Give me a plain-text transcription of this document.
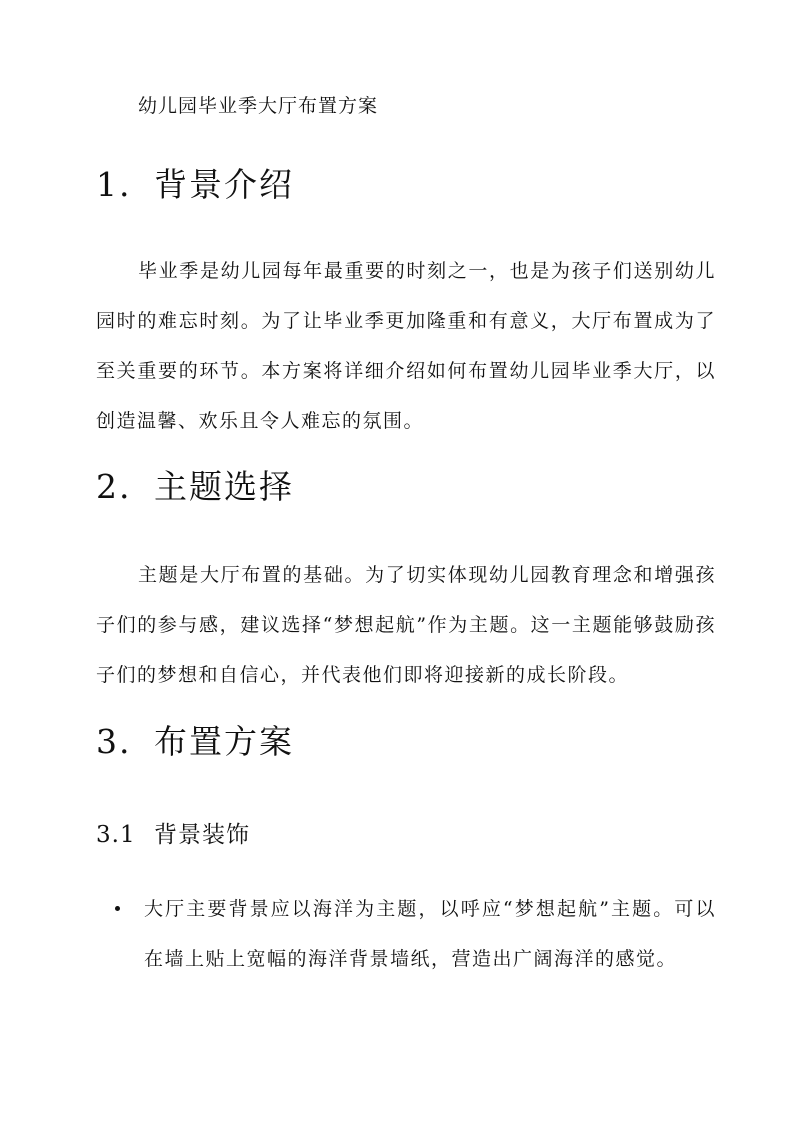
幼儿园毕业季大厅布置方案
1. 背景介绍
毕业季是幼儿园每年最重要的时刻之一，也是为孩子们送别幼儿园时的难忘时刻。为了让毕业季更加隆重和有意义，大厅布置成为了至关重要的环节。本方案将详细介绍如何布置幼儿园毕业季大厅，以创造温馨、欢乐且令人难忘的氛围。
2. 主题选择
主题是大厅布置的基础。为了切实体现幼儿园教育理念和增强孩子们的参与感，建议选择“梦想起航”作为主题。这一主题能够鼓励孩子们的梦想和自信心，并代表他们即将迎接新的成长阶段。
3. 布置方案
3.1 背景装饰
大厅主要背景应以海洋为主题，以呼应“梦想起航”主题。可以在墙上贴上宽幅的海洋背景墙纸，营造出广阔海洋的感觉。
